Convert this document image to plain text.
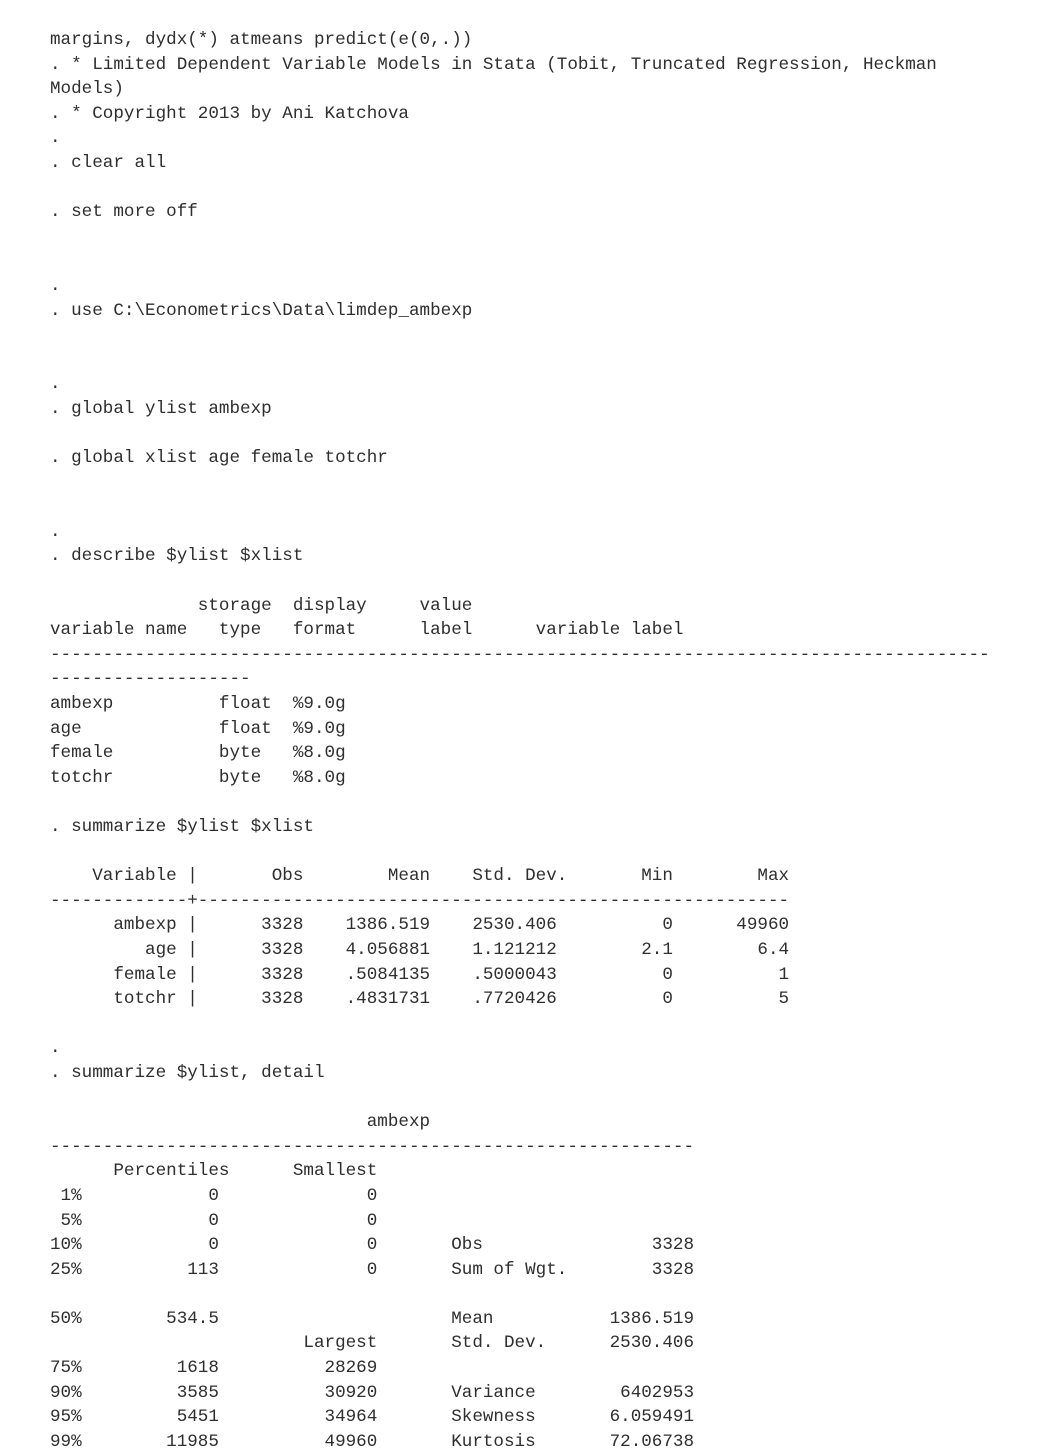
margins, dydx(*) atmeans predict(e(0,.))
. * Limited Dependent Variable Models in Stata (Tobit, Truncated Regression, Heckman
Models)
. * Copyright 2013 by Ani Katchova
.
. clear all
. set more off
.
. use C:\Econometrics\Data\limdep_ambexp
.
. global ylist ambexp
. global xlist age female totchr
.
. describe $ylist $xlist
storage  display     value
variable name   type   format      label      variable label
-----------------------------------------------------------------------------------------
-------------------
ambexp          float  %9.0g
age             float  %9.0g
female          byte   %8.0g
totchr          byte   %8.0g
. summarize $ylist $xlist
Variable |       Obs        Mean    Std. Dev.       Min        Max
-------------+--------------------------------------------------------
ambexp |      3328    1386.519    2530.406          0      49960
age |      3328    4.056881    1.121212        2.1        6.4
female |      3328    .5084135    .5000043          0          1
totchr |      3328    .4831731    .7720426          0          5
.
. summarize $ylist, detail
ambexp
-------------------------------------------------------------
Percentiles      Smallest
1%            0              0
5%            0              0
10%            0              0       Obs                3328
25%          113              0       Sum of Wgt.        3328
50%        534.5                      Mean           1386.519
Largest       Std. Dev.      2530.406
75%         1618          28269
90%         3585          30920       Variance        6402953
95%         5451          34964       Skewness       6.059491
99%        11985          49960       Kurtosis       72.06738
